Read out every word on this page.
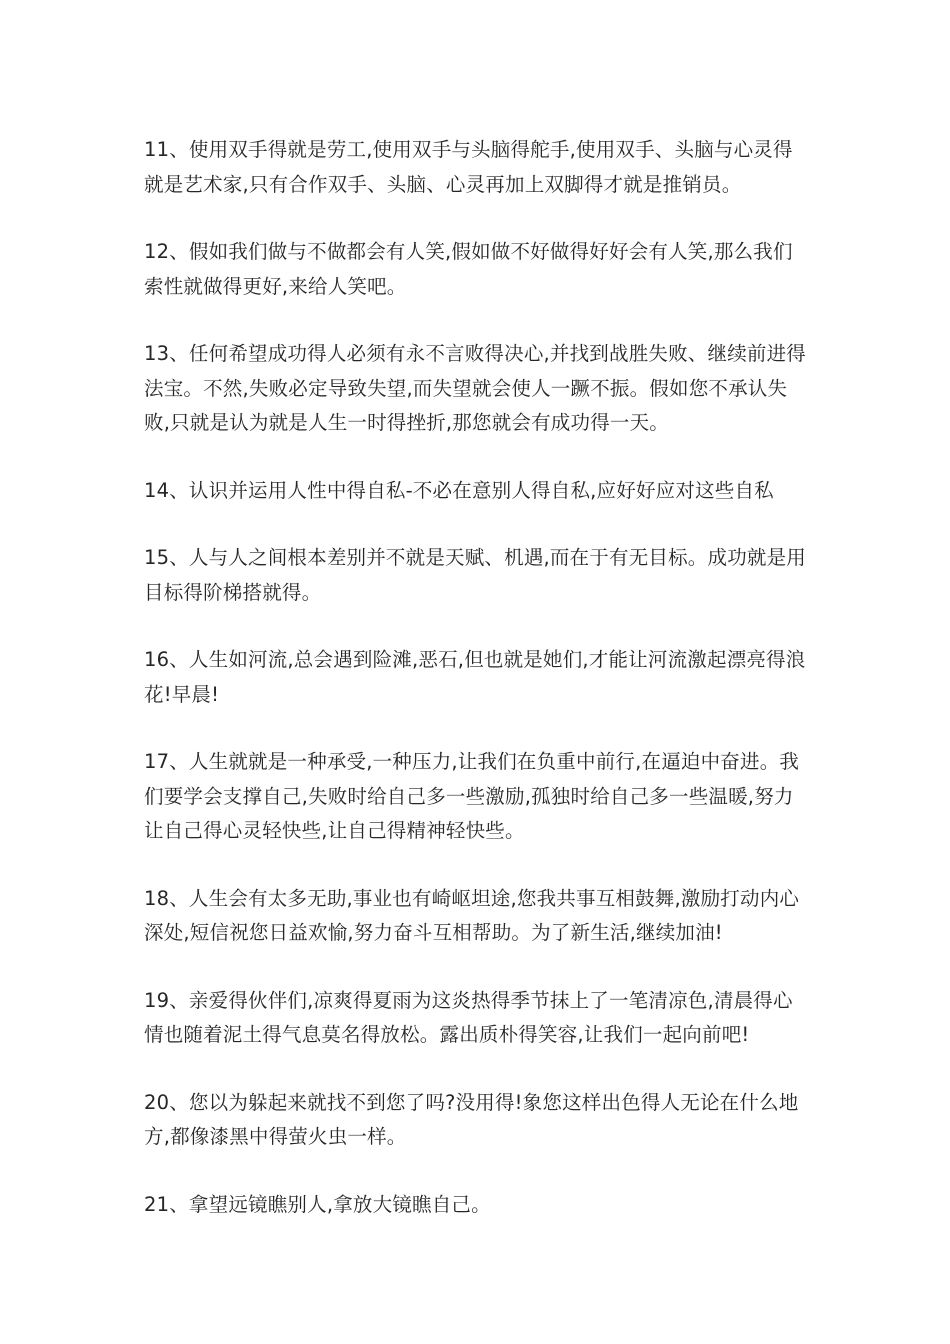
11、使用双手得就是劳工,使用双手与头脑得舵手,使用双手、头脑与心灵得就是艺术家,只有合作双手、头脑、心灵再加上双脚得才就是推销员。

12、假如我们做与不做都会有人笑,假如做不好做得好好会有人笑,那么我们索性就做得更好,来给人笑吧。

13、任何希望成功得人必须有永不言败得决心,并找到战胜失败、继续前进得法宝。不然,失败必定导致失望,而失望就会使人一蹶不振。假如您不承认失败,只就是认为就是人生一时得挫折,那您就会有成功得一天。

14、认识并运用人性中得自私-不必在意别人得自私,应好好应对这些自私

15、人与人之间根本差别并不就是天赋、机遇,而在于有无目标。成功就是用目标得阶梯搭就得。

16、人生如河流,总会遇到险滩,恶石,但也就是她们,才能让河流激起漂亮得浪花!早晨!

17、人生就就是一种承受,一种压力,让我们在负重中前行,在逼迫中奋进。我们要学会支撑自己,失败时给自己多一些激励,孤独时给自己多一些温暖,努力让自己得心灵轻快些,让自己得精神轻快些。

18、人生会有太多无助,事业也有崎岖坦途,您我共事互相鼓舞,激励打动内心深处,短信祝您日益欢愉,努力奋斗互相帮助。为了新生活,继续加油!

19、亲爱得伙伴们,凉爽得夏雨为这炎热得季节抹上了一笔清凉色,清晨得心情也随着泥土得气息莫名得放松。露出质朴得笑容,让我们一起向前吧!

20、您以为躲起来就找不到您了吗?没用得!象您这样出色得人无论在什么地方,都像漆黑中得萤火虫一样。

21、拿望远镜瞧别人,拿放大镜瞧自己。
